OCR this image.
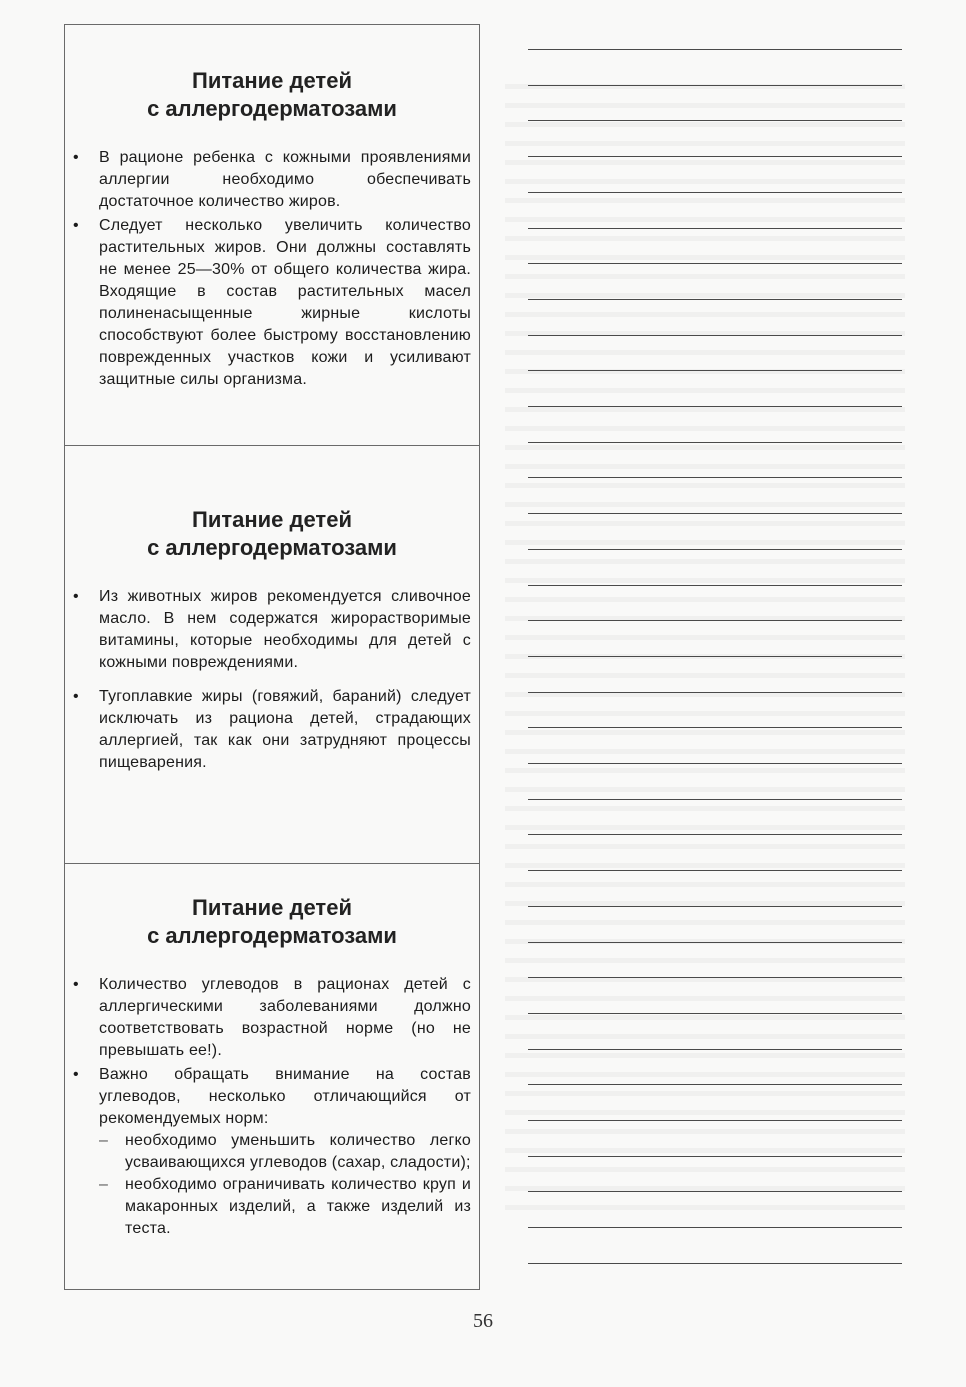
Питание детей
с аллергодерматозами
• В рационе ребенка с кожными проявлениями аллергии необходимо обеспечивать достаточное количество жиров.
• Следует несколько увеличить количество растительных жиров. Они должны составлять не менее 25—30% от общего количества жира. Входящие в состав растительных масел полиненасыщенные жирные кислоты способствуют более быстрому восстановлению поврежденных участков кожи и усиливают защитные силы организма.
Питание детей
с аллергодерматозами
• Из животных жиров рекомендуется сливочное масло. В нем содержатся жирорастворимые витамины, которые необходимы для детей с кожными повреждениями.
• Тугоплавкие жиры (говяжий, бараний) следует исключать из рациона детей, страдающих аллергией, так как они затрудняют процессы пищеварения.
Питание детей
с аллергодерматозами
• Количество углеводов в рационах детей с аллергическими заболеваниями должно соответствовать возрастной норме (но не превышать ее!).
• Важно обращать внимание на состав углеводов, несколько отличающийся от рекомендуемых норм:
– необходимо уменьшить количество легко усваивающихся углеводов (сахар, сладости);
– необходимо ограничивать количество круп и макаронных изделий, а также изделий из теста.
56
